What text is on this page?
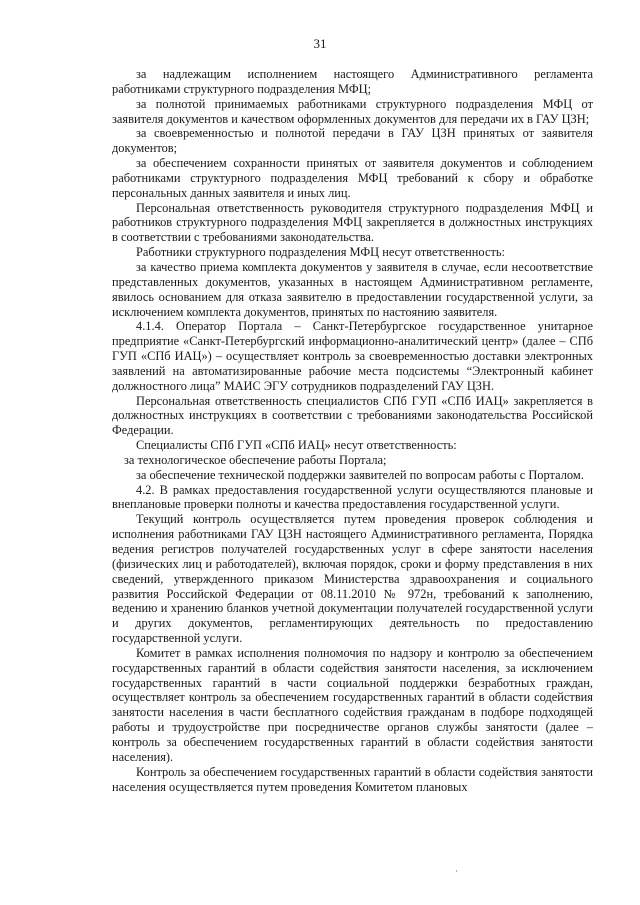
31

за надлежащим исполнением настоящего Административного регламента работниками структурного подразделения МФЦ;

за полнотой принимаемых работниками структурного подразделения МФЦ от заявителя документов и качеством оформленных документов для передачи их в ГАУ ЦЗН;

за своевременностью и полнотой передачи в ГАУ ЦЗН принятых от заявителя документов;

за обеспечением сохранности принятых от заявителя документов и соблюдением работниками структурного подразделения МФЦ требований к сбору и обработке персональных данных заявителя и иных лиц.

Персональная ответственность руководителя структурного подразделения МФЦ и работников структурного подразделения МФЦ закрепляется в должностных инструкциях в соответствии с требованиями законодательства.

Работники структурного подразделения МФЦ несут ответственность:

за качество приема комплекта документов у заявителя в случае, если несоответствие представленных документов, указанных в настоящем Административном регламенте, явилось основанием для отказа заявителю в предоставлении государственной услуги, за исключением комплекта документов, принятых по настоянию заявителя.

4.1.4. Оператор Портала – Санкт-Петербургское государственное унитарное предприятие «Санкт-Петербургский информационно-аналитический центр» (далее – СПб ГУП «СПб ИАЦ») – осуществляет контроль за своевременностью доставки электронных заявлений на автоматизированные рабочие места подсистемы “Электронный кабинет должностного лица” МАИС ЭГУ сотрудников подразделений ГАУ ЦЗН.

Персональная ответственность специалистов СПб ГУП «СПб ИАЦ» закрепляется в должностных инструкциях в соответствии с требованиями законодательства Российской Федерации.

Специалисты СПб ГУП «СПб ИАЦ» несут ответственность:

за технологическое обеспечение работы Портала;

за обеспечение технической поддержки заявителей по вопросам работы с Порталом.

4.2. В рамках предоставления государственной услуги осуществляются плановые и внеплановые проверки полноты и качества предоставления государственной услуги.

Текущий контроль осуществляется путем проведения проверок соблюдения и исполнения работниками ГАУ ЦЗН настоящего Административного регламента, Порядка ведения регистров получателей государственных услуг в сфере занятости населения (физических лиц и работодателей), включая порядок, сроки и форму представления в них сведений, утвержденного приказом Министерства здравоохранения и социального развития Российской Федерации от 08.11.2010 № 972н, требований к заполнению, ведению и хранению бланков учетной документации получателей государственной услуги и других документов, регламентирующих деятельность по предоставлению государственной услуги.

Комитет в рамках исполнения полномочия по надзору и контролю за обеспечением государственных гарантий в области содействия занятости населения, за исключением государственных гарантий в части социальной поддержки безработных граждан, осуществляет контроль за обеспечением государственных гарантий в области содействия занятости населения в части бесплатного содействия гражданам в подборе подходящей работы и трудоустройстве при посредничестве органов службы занятости (далее – контроль за обеспечением государственных гарантий в области содействия занятости населения).

Контроль за обеспечением государственных гарантий в области содействия занятости населения осуществляется путем проведения Комитетом плановых

·
